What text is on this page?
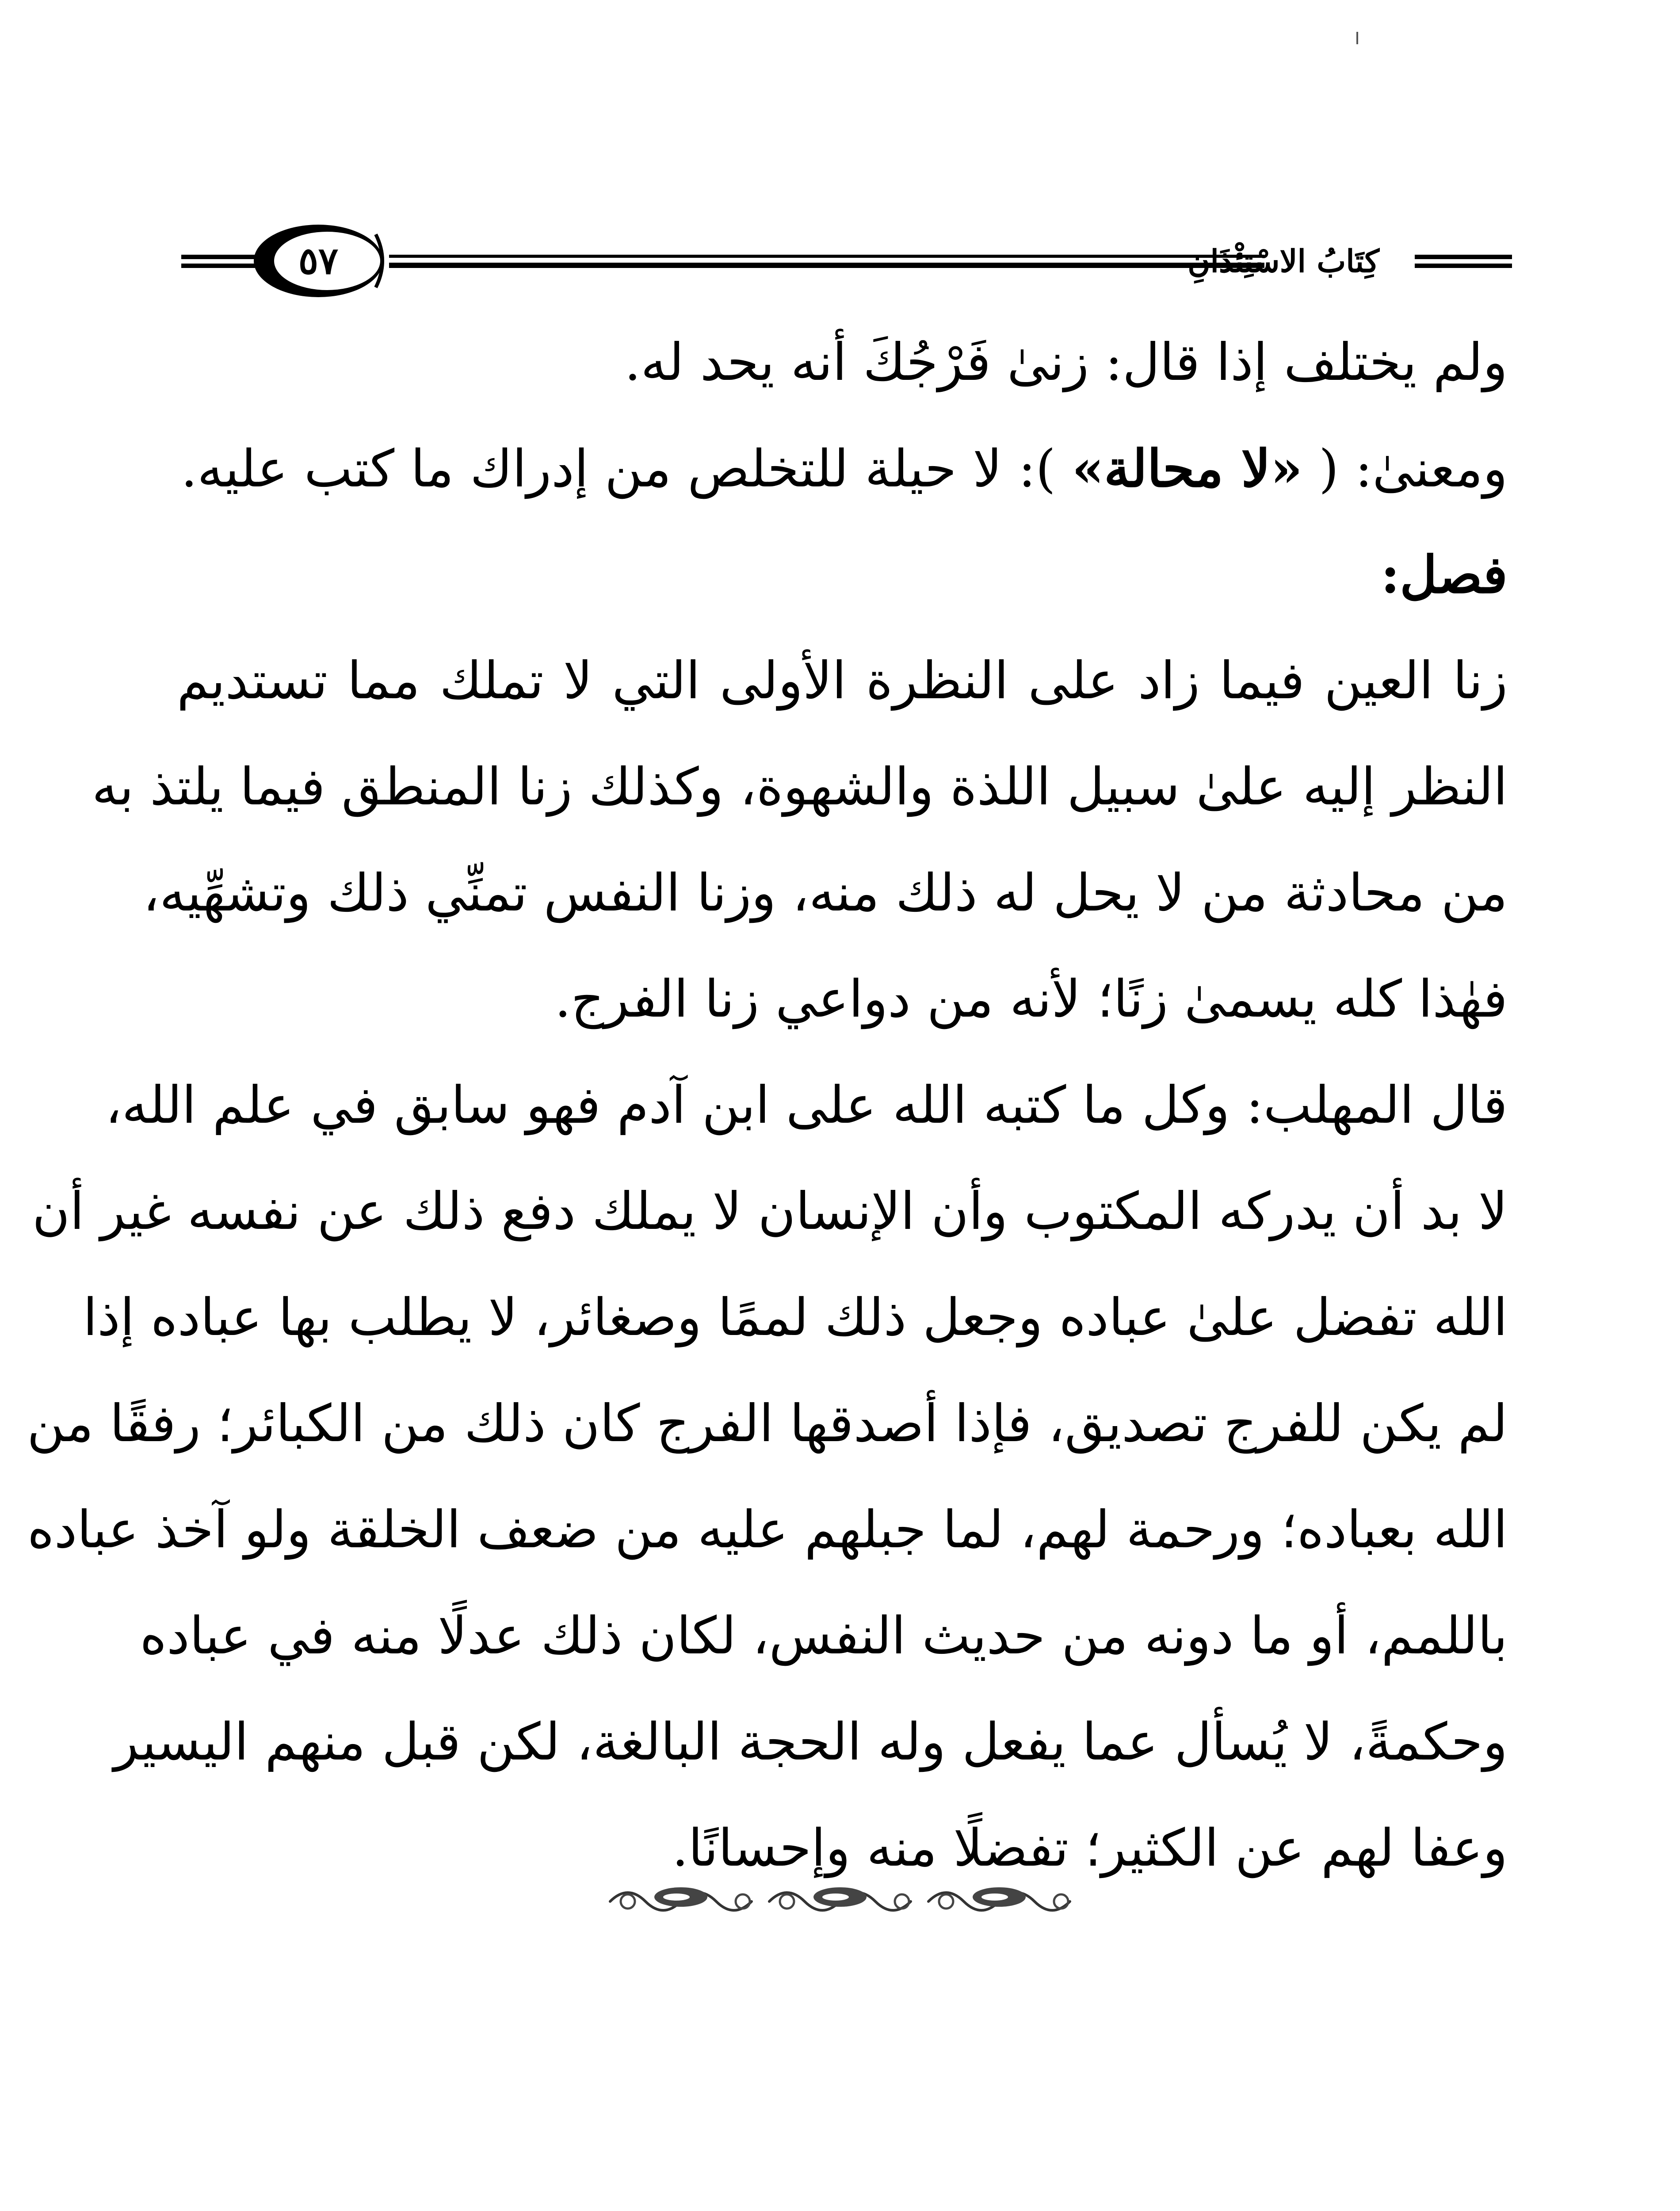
كِتَابُ الاسْتِئْذَانِ
٥٧
ولم يختلف إذا قال: زنىٰ فَرْجُكَ أنه يحد له.
ومعنىٰ: ( «لا محالة» ): لا حيلة للتخلص من إدراك ما كتب عليه.
فصل:
زنا العين فيما زاد على النظرة الأولى التي لا تملك مما تستديم
النظر إليه علىٰ سبيل اللذة والشهوة، وكذلك زنا المنطق فيما يلتذ به
من محادثة من لا يحل له ذلك منه، وزنا النفس تمنِّي ذلك وتشهِّيه،
فهٰذا كله يسمىٰ زنًا؛ لأنه من دواعي زنا الفرج.
قال المهلب: وكل ما كتبه الله على ابن آدم فهو سابق في علم الله،
لا بد أن يدركه المكتوب وأن الإنسان لا يملك دفع ذلك عن نفسه غير أن
الله تفضل علىٰ عباده وجعل ذلك لممًا وصغائر، لا يطلب بها عباده إذا
لم يكن للفرج تصديق، فإذا أصدقها الفرج كان ذلك من الكبائر؛ رفقًا من
الله بعباده؛ ورحمة لهم، لما جبلهم عليه من ضعف الخلقة ولو آخذ عباده
باللمم، أو ما دونه من حديث النفس، لكان ذلك عدلًا منه في عباده
وحكمةً، لا يُسأل عما يفعل وله الحجة البالغة، لكن قبل منهم اليسير
وعفا لهم عن الكثير؛ تفضلًا منه وإحسانًا.
